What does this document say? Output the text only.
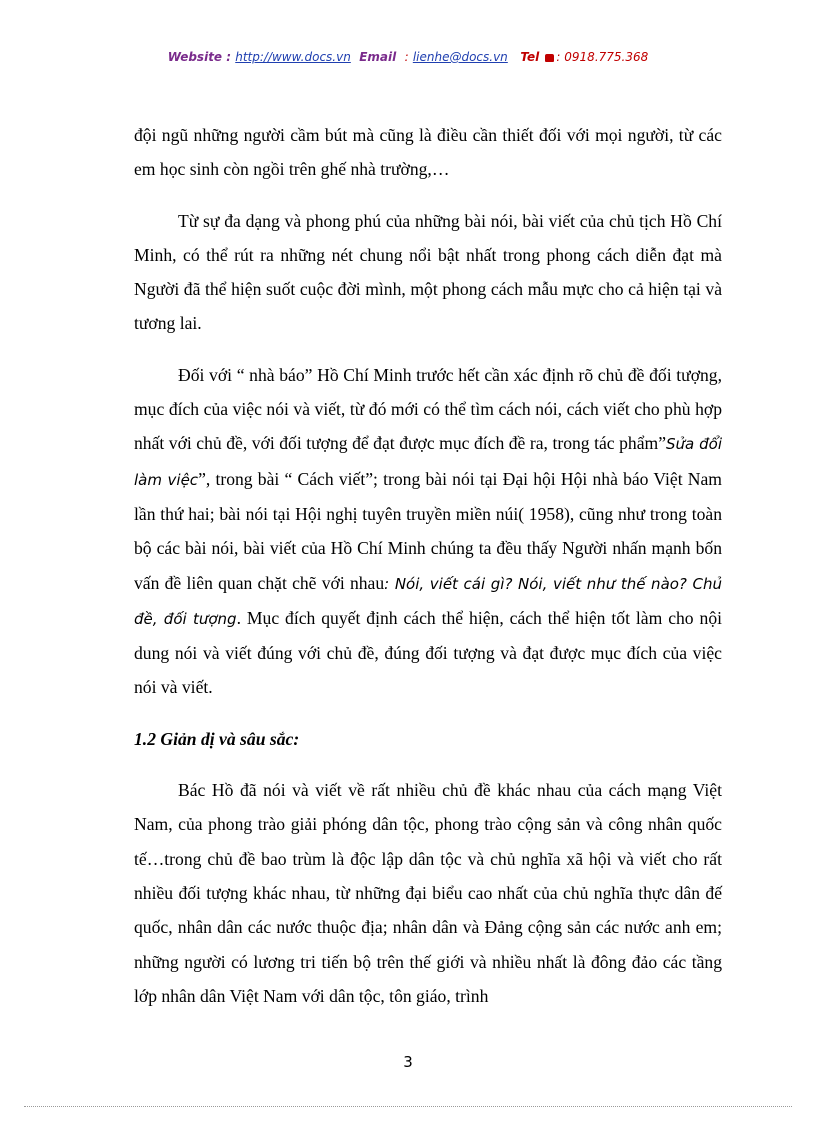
Website : http://www.docs.vn Email : lienhe@docs.vn Tel : 0918.775.368

đội ngũ những người cầm bút mà cũng là điều cần thiết đối với mọi người, từ các em học sinh còn ngồi trên ghế nhà trường,…

Từ sự đa dạng và phong phú của những bài nói, bài viết của chủ tịch Hồ Chí Minh, có thể rút ra những nét chung nổi bật nhất trong phong cách diễn đạt mà Người đã thể hiện suốt cuộc đời mình, một phong cách mẫu mực cho cả hiện tại và tương lai.

Đối với “ nhà báo” Hồ Chí Minh trước hết cần xác định rõ chủ đề đối tượng, mục đích của việc nói và viết, từ đó mới có thể tìm cách nói, cách viết cho phù hợp nhất với chủ đề, với đối tượng để đạt được mục đích đề ra, trong tác phẩm”Sửa đổi làm việc”, trong bài “ Cách viết”; trong bài nói tại Đại hội Hội nhà báo Việt Nam lần thứ hai; bài nói tại Hội nghị tuyên truyền miền núi( 1958), cũng như trong toàn bộ các bài nói, bài viết của Hồ Chí Minh chúng ta đều thấy Người nhấn mạnh bốn vấn đề liên quan chặt chẽ với nhau: Nói, viết cái gì? Nói, viết như thế nào? Chủ đề, đối tượng. Mục đích quyết định cách thể hiện, cách thể hiện tốt làm cho nội dung nói và viết đúng với chủ đề, đúng đối tượng và đạt được mục đích của việc nói và viết.

1.2 Giản dị và sâu sắc:

Bác Hồ đã nói và viết về rất nhiều chủ đề khác nhau của cách mạng Việt Nam, của phong trào giải phóng dân tộc, phong trào cộng sản và công nhân quốc tế…trong chủ đề bao trùm là độc lập dân tộc và chủ nghĩa xã hội và viết cho rất nhiều đối tượng khác nhau, từ những đại biểu cao nhất của chủ nghĩa thực dân đế quốc, nhân dân các nước thuộc địa; nhân dân và Đảng cộng sản các nước anh em; những người có lương tri tiến bộ trên thế giới và nhiều nhất là đông đảo các tầng lớp nhân dân Việt Nam với dân tộc, tôn giáo, trình

3
